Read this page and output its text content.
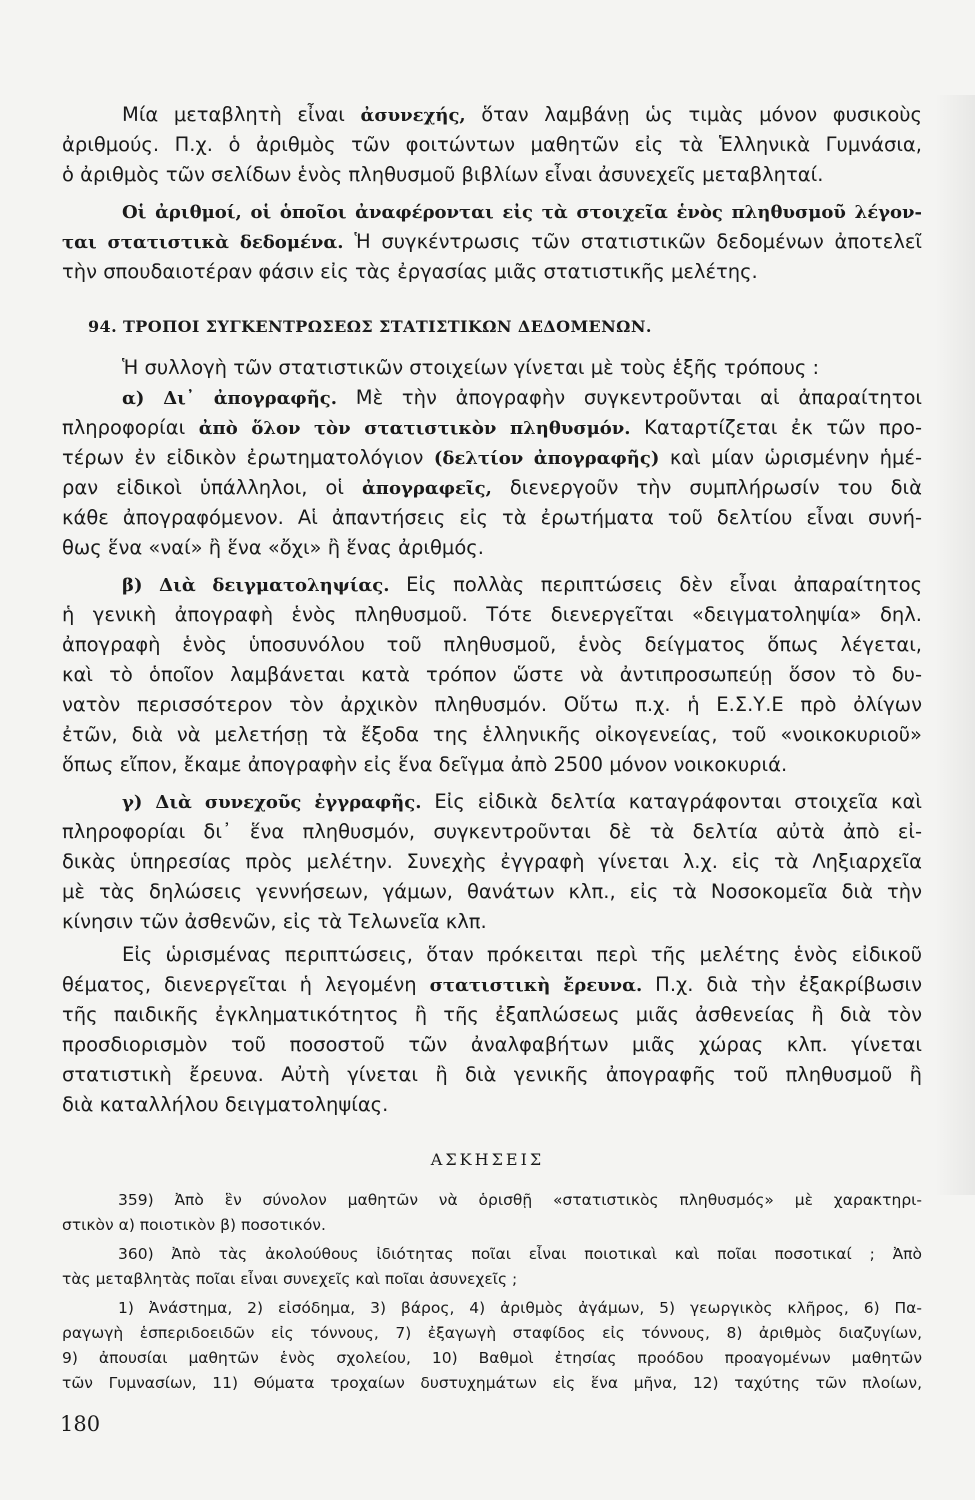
Μία μεταβλητὴ εἶναι ἀσυνεχής, ὅταν λαμβάνῃ ὡς τιμὰς μόνον φυσικοὺς
ἀριθμούς. Π.χ. ὁ ἀριθμὸς τῶν φοιτώντων μαθητῶν εἰς τὰ Ἑλληνικὰ Γυμνάσια,
ὁ ἀριθμὸς τῶν σελίδων ἑνὸς πληθυσμοῦ βιβλίων εἶναι ἀσυνεχεῖς μεταβληταί.
Οἱ ἀριθμοί, οἱ ὁποῖοι ἀναφέρονται εἰς τὰ στοιχεῖα ἑνὸς πληθυσμοῦ λέγον-
ται στατιστικὰ δεδομένα. Ἡ συγκέντρωσις τῶν στατιστικῶν δεδομένων ἀποτελεῖ
τὴν σπουδαιοτέραν φάσιν εἰς τὰς ἐργασίας μιᾶς στατιστικῆς μελέτης.
Ἡ συλλογὴ τῶν στατιστικῶν στοιχείων γίνεται μὲ τοὺς ἑξῆς τρόπους :
α) Δι᾽ ἀπογραφῆς. Μὲ τὴν ἀπογραφὴν συγκεντροῦνται αἱ ἀπαραίτητοι
πληροφορίαι ἀπὸ ὅλον τὸν στατιστικὸν πληθυσμόν. Καταρτίζεται ἐκ τῶν προ-
τέρων ἐν εἰδικὸν ἐρωτηματολόγιον (δελτίον ἀπογραφῆς) καὶ μίαν ὡρισμένην ἡμέ-
ραν εἰδικοὶ ὑπάλληλοι, οἱ ἀπογραφεῖς, διενεργοῦν τὴν συμπλήρωσίν του διὰ
κάθε ἀπογραφόμενον. Αἱ ἀπαντήσεις εἰς τὰ ἐρωτήματα τοῦ δελτίου εἶναι συνή-
θως ἕνα «ναί» ἢ ἕνα «ὄχι» ἢ ἕνας ἀριθμός.
β) Διὰ δειγματοληψίας. Εἰς πολλὰς περιπτώσεις δὲν εἶναι ἀπαραίτητος
ἡ γενικὴ ἀπογραφὴ ἑνὸς πληθυσμοῦ. Τότε διενεργεῖται «δειγματοληψία» δηλ.
ἀπογραφὴ ἑνὸς ὑποσυνόλου τοῦ πληθυσμοῦ, ἑνὸς δείγματος ὅπως λέγεται,
καὶ τὸ ὁποῖον λαμβάνεται κατὰ τρόπον ὥστε νὰ ἀντιπροσωπεύῃ ὅσον τὸ δυ-
νατὸν περισσότερον τὸν ἀρχικὸν πληθυσμόν. Οὕτω π.χ. ἡ Ε.Σ.Υ.Ε πρὸ ὀλίγων
ἐτῶν, διὰ νὰ μελετήσῃ τὰ ἔξοδα της ἑλληνικῆς οἰκογενείας, τοῦ «νοικοκυριοῦ»
ὅπως εἴπον, ἔκαμε ἀπογραφὴν εἰς ἕνα δεῖγμα ἀπὸ 2500 μόνον νοικοκυριά.
γ) Διὰ συνεχοῦς ἐγγραφῆς. Εἰς εἰδικὰ δελτία καταγράφονται στοιχεῖα καὶ
πληροφορίαι δι᾽ ἕνα πληθυσμόν, συγκεντροῦνται δὲ τὰ δελτία αὐτὰ ἀπὸ εἰ-
δικὰς ὑπηρεσίας πρὸς μελέτην. Συνεχὴς ἐγγραφὴ γίνεται λ.χ. εἰς τὰ Ληξιαρχεῖα
μὲ τὰς δηλώσεις γεννήσεων, γάμων, θανάτων κλπ., εἰς τὰ Νοσοκομεῖα διὰ τὴν
κίνησιν τῶν ἀσθενῶν, εἰς τὰ Τελωνεῖα κλπ.
Εἰς ὡρισμένας περιπτώσεις, ὅταν πρόκειται περὶ τῆς μελέτης ἑνὸς εἰδικοῦ
θέματος, διενεργεῖται ἡ λεγομένη στατιστικὴ ἔρευνα. Π.χ. διὰ τὴν ἐξακρίβωσιν
τῆς παιδικῆς ἐγκληματικότητος ἢ τῆς ἐξαπλώσεως μιᾶς ἀσθενείας ἢ διὰ τὸν
προσδιορισμὸν τοῦ ποσοστοῦ τῶν ἀναλφαβήτων μιᾶς χώρας κλπ. γίνεται
στατιστικὴ ἔρευνα. Αὐτὴ γίνεται ἢ διὰ γενικῆς ἀπογραφῆς τοῦ πληθυσμοῦ ἢ
διὰ καταλλήλου δειγματοληψίας.
94. ΤΡΟΠΟΙ ΣΥΓΚΕΝΤΡΩΣΕΩΣ ΣΤΑΤΙΣΤΙΚΩΝ ΔΕΔΟΜΕΝΩΝ.
ΑΣΚΗΣΕΙΣ
359) Ἀπὸ ἓν σύνολον μαθητῶν νὰ ὁρισθῇ «στατιστικὸς πληθυσμός» μὲ χαρακτηρι-
στικὸν α) ποιοτικὸν β) ποσοτικόν.
360) Ἀπὸ τὰς ἀκολούθους ἰδιότητας ποῖαι εἶναι ποιοτικαὶ καὶ ποῖαι ποσοτικαί ; Ἀπὸ
τὰς μεταβλητὰς ποῖαι εἶναι συνεχεῖς καὶ ποῖαι ἀσυνεχεῖς ;
1) Ἀνάστημα, 2) εἰσόδημα, 3) βάρος, 4) ἀριθμὸς ἀγάμων, 5) γεωργικὸς κλῆρος, 6) Πα-
ραγωγὴ ἑσπεριδοειδῶν εἰς τόννους, 7) ἐξαγωγὴ σταφίδος εἰς τόννους, 8) ἀριθμὸς διαζυγίων,
9) ἀπουσίαι μαθητῶν ἑνὸς σχολείου, 10) Βαθμοὶ ἐτησίας προόδου προαγομένων μαθητῶν
τῶν Γυμνασίων, 11) Θύματα τροχαίων δυστυχημάτων εἰς ἕνα μῆνα, 12) ταχύτης τῶν πλοίων,
180
